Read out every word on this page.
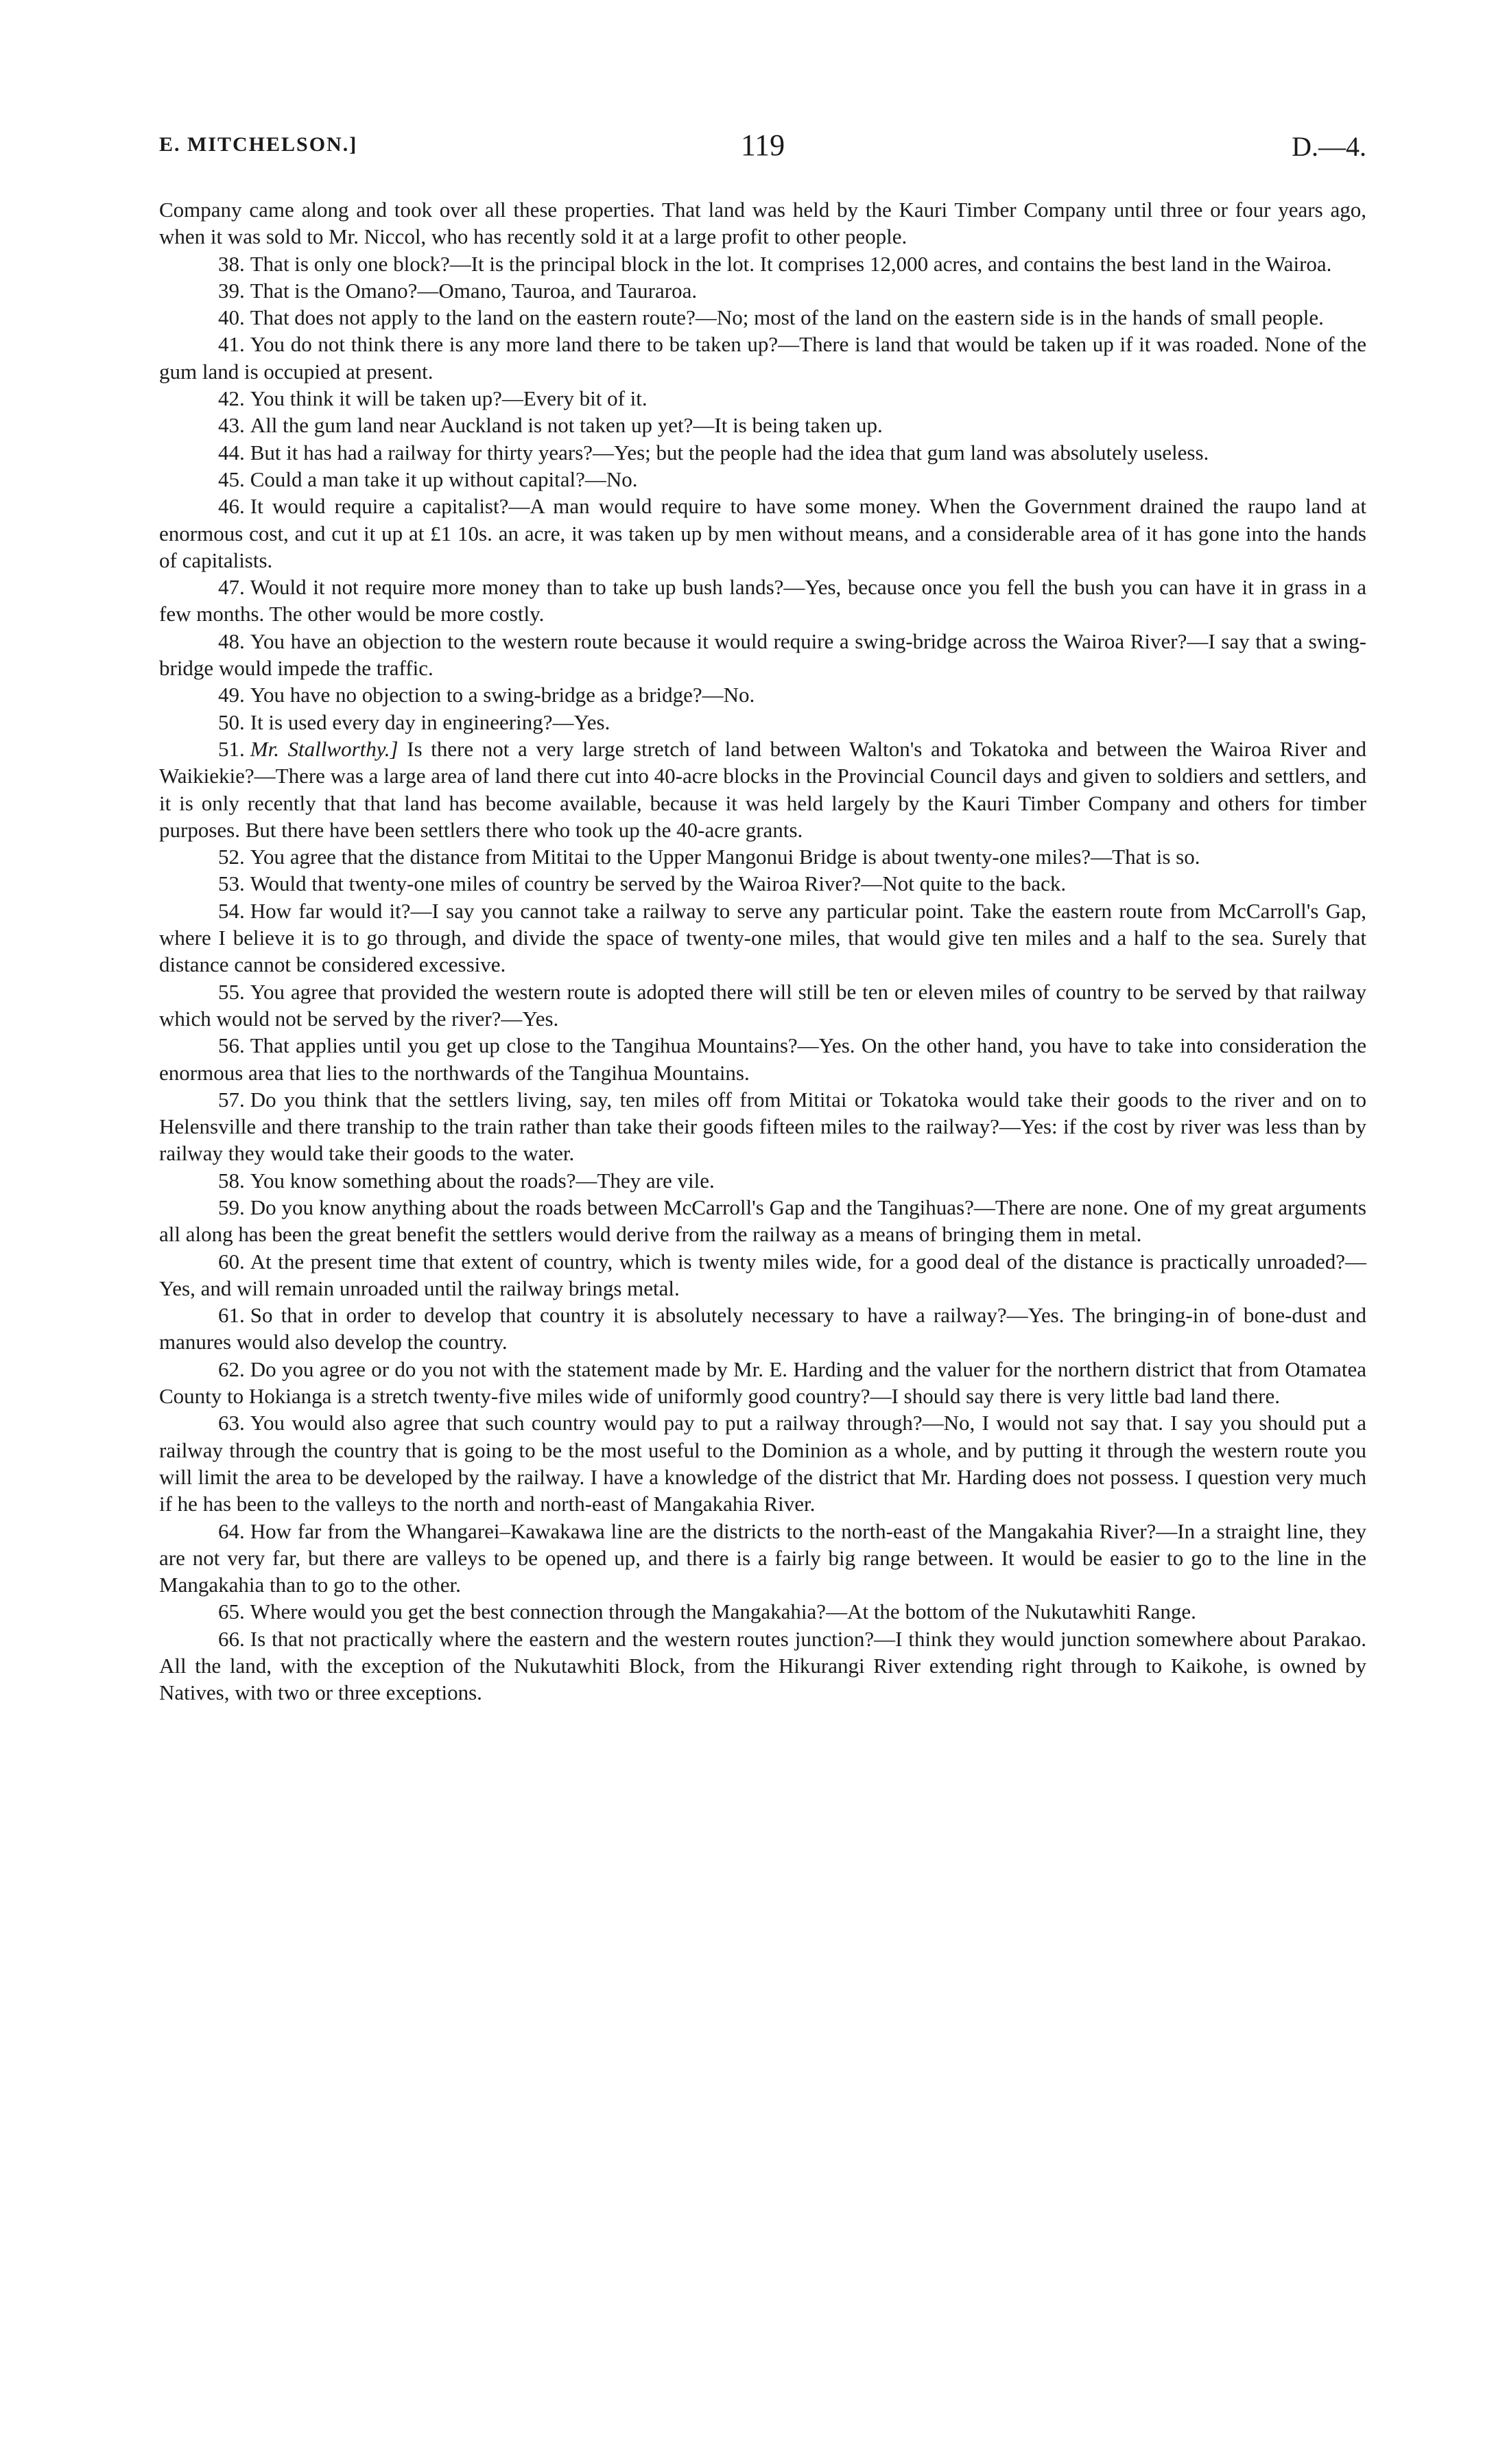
E. MITCHELSON.]	119	D.—4.

Company came along and took over all these properties. That land was held by the Kauri Timber Company until three or four years ago, when it was sold to Mr. Niccol, who has recently sold it at a large profit to other people.

38. That is only one block?—It is the principal block in the lot. It comprises 12,000 acres, and contains the best land in the Wairoa.

39. That is the Omano?—Omano, Tauroa, and Tauraroa.

40. That does not apply to the land on the eastern route?—No; most of the land on the eastern side is in the hands of small people.

41. You do not think there is any more land there to be taken up?—There is land that would be taken up if it was roaded. None of the gum land is occupied at present.

42. You think it will be taken up?—Every bit of it.

43. All the gum land near Auckland is not taken up yet?—It is being taken up.

44. But it has had a railway for thirty years?—Yes; but the people had the idea that gum land was absolutely useless.

45. Could a man take it up without capital?—No.

46. It would require a capitalist?—A man would require to have some money. When the Government drained the raupo land at enormous cost, and cut it up at £1 10s. an acre, it was taken up by men without means, and a considerable area of it has gone into the hands of capitalists.

47. Would it not require more money than to take up bush lands?—Yes, because once you fell the bush you can have it in grass in a few months. The other would be more costly.

48. You have an objection to the western route because it would require a swing-bridge across the Wairoa River?—I say that a swing-bridge would impede the traffic.

49. You have no objection to a swing-bridge as a bridge?—No.

50. It is used every day in engineering?—Yes.

51. Mr. Stallworthy.] Is there not a very large stretch of land between Walton's and Tokatoka and between the Wairoa River and Waikiekie?—There was a large area of land there cut into 40-acre blocks in the Provincial Council days and given to soldiers and settlers, and it is only recently that that land has become available, because it was held largely by the Kauri Timber Company and others for timber purposes. But there have been settlers there who took up the 40-acre grants.

52. You agree that the distance from Mititai to the Upper Mangonui Bridge is about twenty-one miles?—That is so.

53. Would that twenty-one miles of country be served by the Wairoa River?—Not quite to the back.

54. How far would it?—I say you cannot take a railway to serve any particular point. Take the eastern route from McCarroll's Gap, where I believe it is to go through, and divide the space of twenty-one miles, that would give ten miles and a half to the sea. Surely that distance cannot be considered excessive.

55. You agree that provided the western route is adopted there will still be ten or eleven miles of country to be served by that railway which would not be served by the river?—Yes.

56. That applies until you get up close to the Tangihua Mountains?—Yes. On the other hand, you have to take into consideration the enormous area that lies to the northwards of the Tangihua Mountains.

57. Do you think that the settlers living, say, ten miles off from Mititai or Tokatoka would take their goods to the river and on to Helensville and there tranship to the train rather than take their goods fifteen miles to the railway?—Yes: if the cost by river was less than by railway they would take their goods to the water.

58. You know something about the roads?—They are vile.

59. Do you know anything about the roads between McCarroll's Gap and the Tangihuas?—There are none. One of my great arguments all along has been the great benefit the settlers would derive from the railway as a means of bringing them in metal.

60. At the present time that extent of country, which is twenty miles wide, for a good deal of the distance is practically unroaded?—Yes, and will remain unroaded until the railway brings metal.

61. So that in order to develop that country it is absolutely necessary to have a railway?—Yes. The bringing-in of bone-dust and manures would also develop the country.

62. Do you agree or do you not with the statement made by Mr. E. Harding and the valuer for the northern district that from Otamatea County to Hokianga is a stretch twenty-five miles wide of uniformly good country?—I should say there is very little bad land there.

63. You would also agree that such country would pay to put a railway through?—No, I would not say that. I say you should put a railway through the country that is going to be the most useful to the Dominion as a whole, and by putting it through the western route you will limit the area to be developed by the railway. I have a knowledge of the district that Mr. Harding does not possess. I question very much if he has been to the valleys to the north and north-east of Mangakahia River.

64. How far from the Whangarei–Kawakawa line are the districts to the north-east of the Mangakahia River?—In a straight line, they are not very far, but there are valleys to be opened up, and there is a fairly big range between. It would be easier to go to the line in the Mangakahia than to go to the other.

65. Where would you get the best connection through the Mangakahia?—At the bottom of the Nukutawhiti Range.

66. Is that not practically where the eastern and the western routes junction?—I think they would junction somewhere about Parakao. All the land, with the exception of the Nukutawhiti Block, from the Hikurangi River extending right through to Kaikohe, is owned by Natives, with two or three exceptions.
